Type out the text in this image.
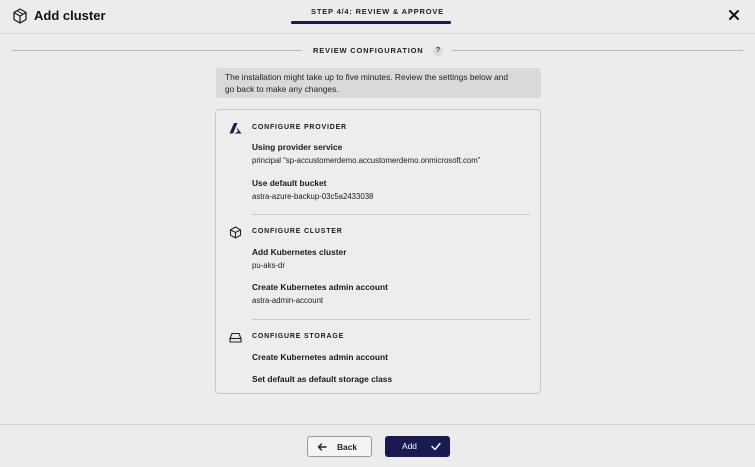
Add cluster	STEP 4/4: REVIEW & APPROVE
REVIEW CONFIGURATION	?
The installation might take up to five minutes. Review the settings below and
go back to make any changes.
CONFIGURE PROVIDER
Using provider service
principal “sp-accustomerdemo.accustomerdemo.onmicrosoft.com”
Use default bucket
astra-azure-backup-03c5a2433038
CONFIGURE CLUSTER
Add Kubernetes cluster
pu-aks-dr
Create Kubernetes admin account
astra-admin-account
CONFIGURE STORAGE
Create Kubernetes admin account
Set default as default storage class
Back	Add
